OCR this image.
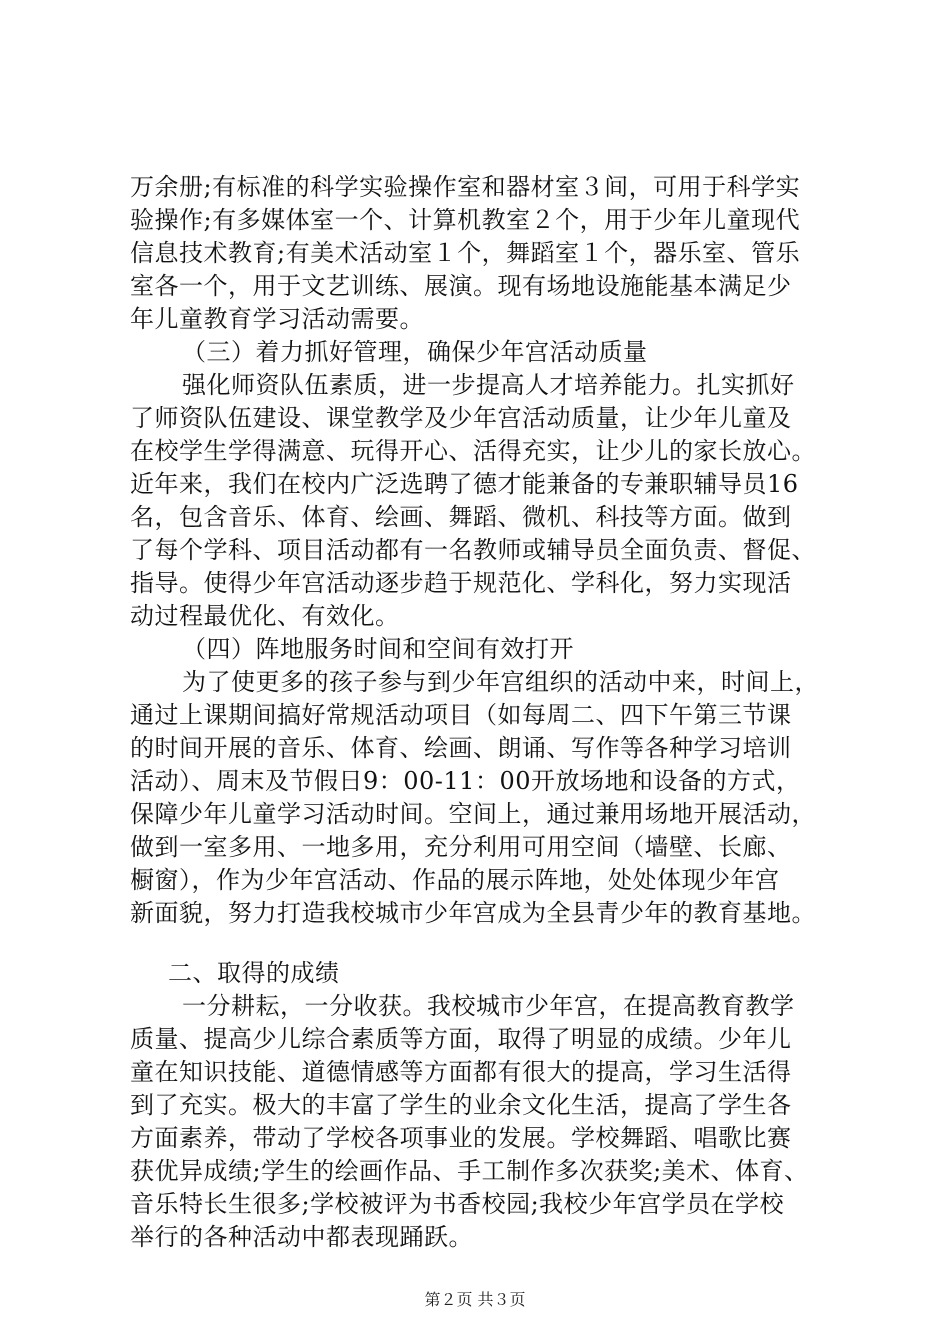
万余册;有标准的科学实验操作室和器材室３间，可用于科学实
验操作;有多媒体室一个、计算机教室２个，用于少年儿童现代
信息技术教育;有美术活动室１个，舞蹈室１个，器乐室、管乐
室各一个，用于文艺训练、展演。现有场地设施能基本满足少
年儿童教育学习活动需要。
（三）着力抓好管理，确保少年宫活动质量
强化师资队伍素质，进一步提高人才培养能力。扎实抓好
了师资队伍建设、课堂教学及少年宫活动质量，让少年儿童及
在校学生学得满意、玩得开心、活得充实，让少儿的家长放心。
近年来，我们在校内广泛选聘了德才能兼备的专兼职辅导员16
名，包含音乐、体育、绘画、舞蹈、微机、科技等方面。做到
了每个学科、项目活动都有一名教师或辅导员全面负责、督促、
指导。使得少年宫活动逐步趋于规范化、学科化，努力实现活
动过程最优化、有效化。
（四）阵地服务时间和空间有效打开
为了使更多的孩子参与到少年宫组织的活动中来，时间上，
通过上课期间搞好常规活动项目（如每周二、四下午第三节课
的时间开展的音乐、体育、绘画、朗诵、写作等各种学习培训
活动）、周末及节假日9：00-11：00开放场地和设备的方式，
保障少年儿童学习活动时间。空间上，通过兼用场地开展活动，
做到一室多用、一地多用，充分利用可用空间（墙壁、长廊、
橱窗），作为少年宫活动、作品的展示阵地，处处体现少年宫
新面貌，努力打造我校城市少年宫成为全县青少年的教育基地。
二、取得的成绩
一分耕耘，一分收获。我校城市少年宫，在提高教育教学
质量、提高少儿综合素质等方面，取得了明显的成绩。少年儿
童在知识技能、道德情感等方面都有很大的提高，学习生活得
到了充实。极大的丰富了学生的业余文化生活，提高了学生各
方面素养，带动了学校各项事业的发展。学校舞蹈、唱歌比赛
获优异成绩;学生的绘画作品、手工制作多次获奖;美术、体育、
音乐特长生很多;学校被评为书香校园;我校少年宫学员在学校
举行的各种活动中都表现踊跃。
第２页 共３页
